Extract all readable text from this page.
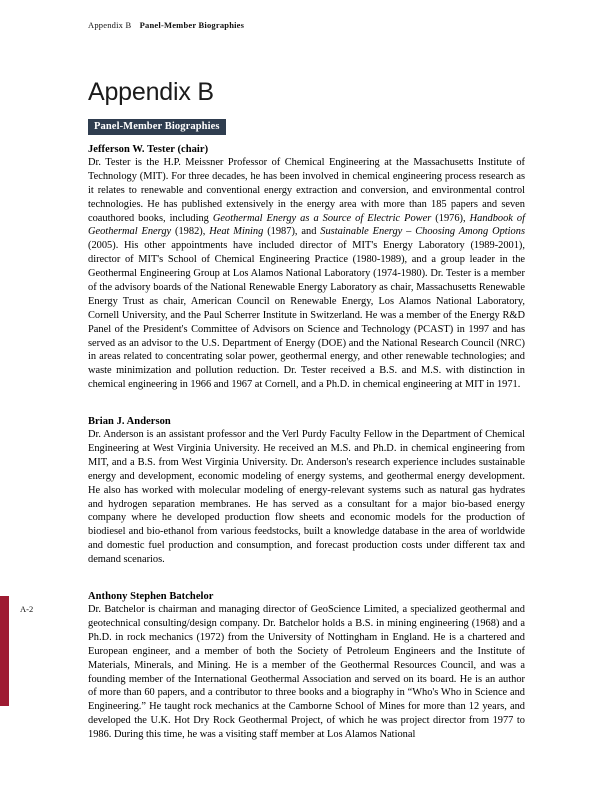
Appendix B Panel-Member Biographies
A-2
Appendix B
Panel-Member Biographies
Jefferson W. Tester (chair)

Dr. Tester is the H.P. Meissner Professor of Chemical Engineering at the Massachusetts Institute of Technology (MIT). For three decades, he has been involved in chemical engineering process research as it relates to renewable and conventional energy extraction and conversion, and environmental control technologies. He has published extensively in the energy area with more than 185 papers and seven coauthored books, including Geothermal Energy as a Source of Electric Power (1976), Handbook of Geothermal Energy (1982), Heat Mining (1987), and Sustainable Energy – Choosing Among Options (2005). His other appointments have included director of MIT's Energy Laboratory (1989-2001), director of MIT's School of Chemical Engineering Practice (1980-1989), and a group leader in the Geothermal Engineering Group at Los Alamos National Laboratory (1974-1980). Dr. Tester is a member of the advisory boards of the National Renewable Energy Laboratory as chair, Massachusetts Renewable Energy Trust as chair, American Council on Renewable Energy, Los Alamos National Laboratory, Cornell University, and the Paul Scherrer Institute in Switzerland. He was a member of the Energy R&D Panel of the President's Committee of Advisors on Science and Technology (PCAST) in 1997 and has served as an advisor to the U.S. Department of Energy (DOE) and the National Research Council (NRC) in areas related to concentrating solar power, geothermal energy, and other renewable technologies; and waste minimization and pollution reduction. Dr. Tester received a B.S. and M.S. with distinction in chemical engineering in 1966 and 1967 at Cornell, and a Ph.D. in chemical engineering at MIT in 1971.

Brian J. Anderson

Dr. Anderson is an assistant professor and the Verl Purdy Faculty Fellow in the Department of Chemical Engineering at West Virginia University. He received an M.S. and Ph.D. in chemical engineering from MIT, and a B.S. from West Virginia University. Dr. Anderson's research experience includes sustainable energy and development, economic modeling of energy systems, and geothermal energy development. He also has worked with molecular modeling of energy-relevant systems such as natural gas hydrates and hydrogen separation membranes. He has served as a consultant for a major bio-based energy company where he developed production flow sheets and economic models for the production of biodiesel and bio-ethanol from various feedstocks, built a knowledge database in the area of worldwide and domestic fuel production and consumption, and forecast production costs under different tax and demand scenarios.

Anthony Stephen Batchelor

Dr. Batchelor is chairman and managing director of GeoScience Limited, a specialized geothermal and geotechnical consulting/design company. Dr. Batchelor holds a B.S. in mining engineering (1968) and a Ph.D. in rock mechanics (1972) from the University of Nottingham in England. He is a chartered and European engineer, and a member of both the Society of Petroleum Engineers and the Institute of Materials, Minerals, and Mining. He is a member of the Geothermal Resources Council, and was a founding member of the International Geothermal Association and served on its board. He is an author of more than 60 papers, and a contributor to three books and a biography in “Who's Who in Science and Engineering.” He taught rock mechanics at the Camborne School of Mines for more than 12 years, and developed the U.K. Hot Dry Rock Geothermal Project, of which he was project director from 1977 to 1986. During this time, he was a visiting staff member at Los Alamos National
